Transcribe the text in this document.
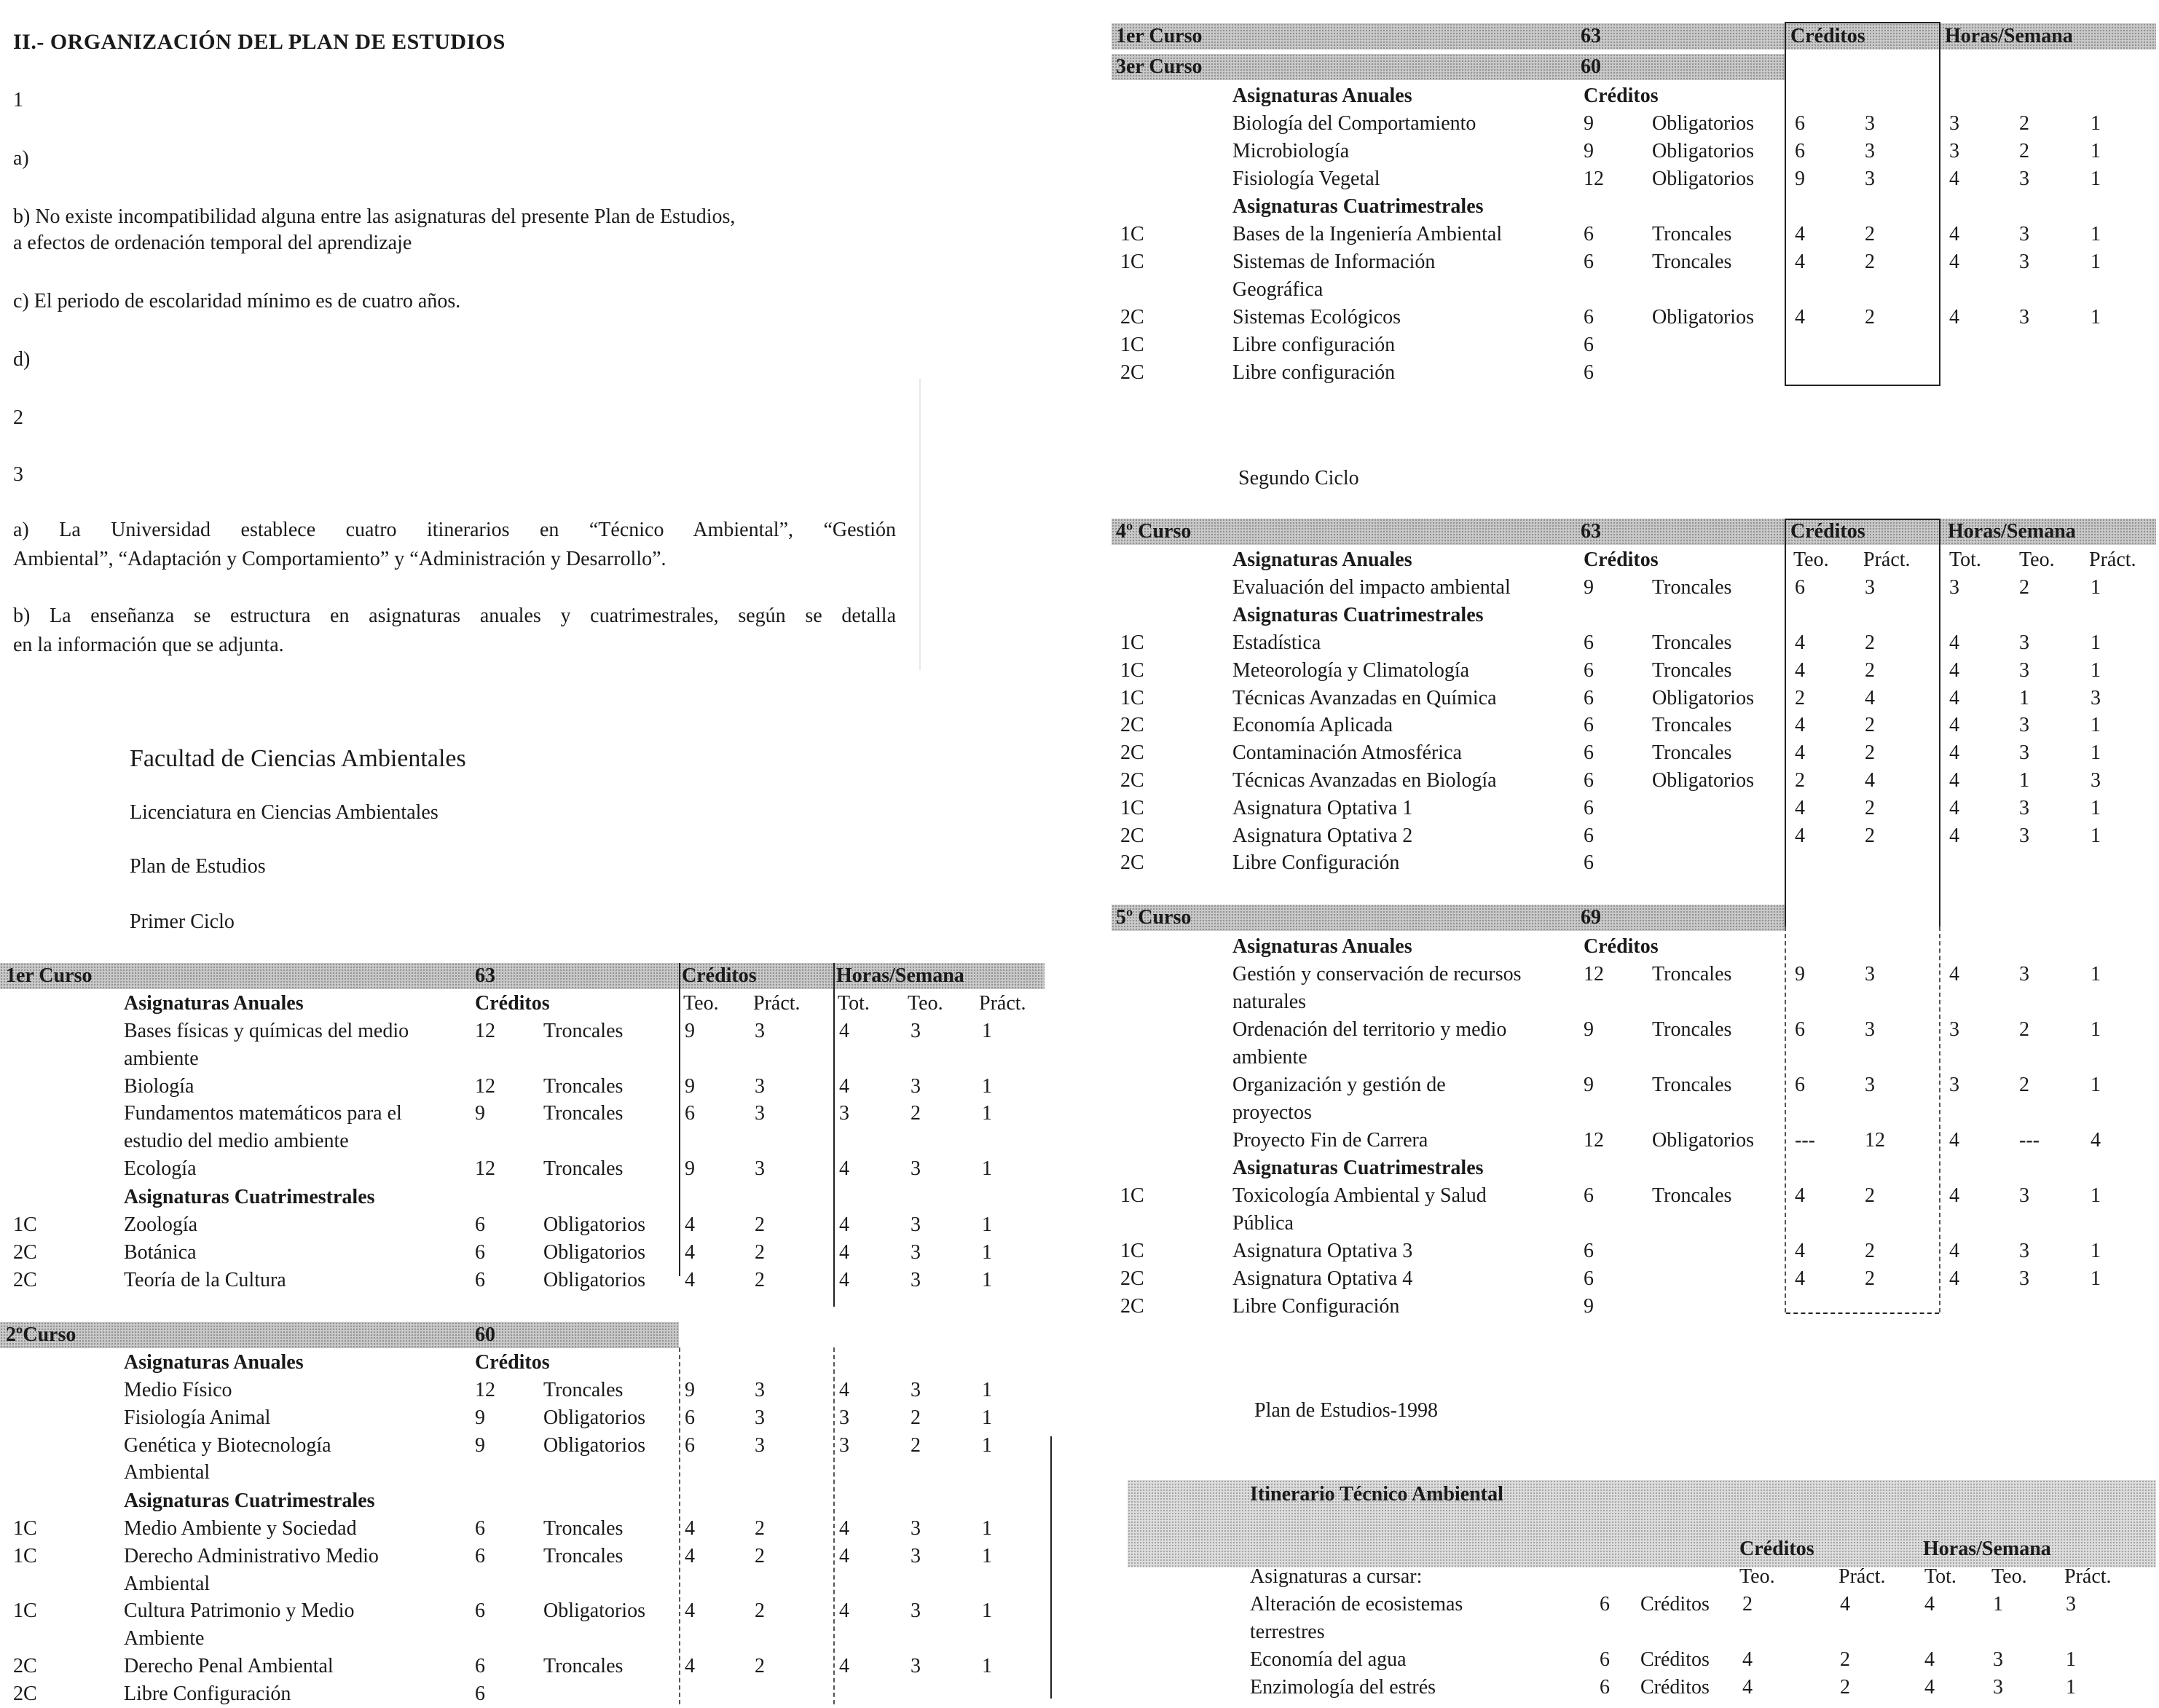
II.- ORGANIZACIÓN DEL PLAN DE ESTUDIOS
1
a)
b) No existe incompatibilidad alguna entre las asignaturas del presente Plan de Estudios,
a efectos de ordenación temporal del aprendizaje
c) El periodo de escolaridad mínimo es de cuatro años.
d)
2
3
a) La Universidad establece cuatro itinerarios en “Técnico Ambiental”, “Gestión
Ambiental”, “Adaptación y Comportamiento” y “Administración y Desarrollo”.
b) La enseñanza se estructura en asignaturas anuales y cuatrimestrales, según se detalla
en la información que se adjunta.
Facultad de Ciencias Ambientales
Licenciatura en Ciencias Ambientales
Plan de Estudios
Primer Ciclo
1er Curso	63	Créditos	Horas/Semana
Asignaturas Anuales	Créditos	Teo. Práct. Tot. Teo. Práct.
Bases físicas y químicas del medio	12 Troncales	9	3	4	3	1
ambiente
Biología	12 Troncales	9	3	4	3	1
Fundamentos matemáticos para el	9	Troncales	6	3	3	2	1
estudio del medio ambiente
Ecología	12 Troncales	9	3	4	3	1
Asignaturas Cuatrimestrales
1C	Zoología	6	Obligatorios 4	2	4	3	1
2C	Botánica	6	Obligatorios 4	2	4	3	1
2C	Teoría de la Cultura	6	Obligatorios 4	2	4	3	1
2ºCurso	60
Asignaturas Anuales	Créditos
Medio Físico	12 Troncales	9	3	4	3	1
Fisiología Animal	9	Obligatorios 6	3	3	2	1
Genética y Biotecnología	9	Obligatorios 6	3	3	2	1
Ambiental
Asignaturas Cuatrimestrales
1C	Medio Ambiente y Sociedad	6	Troncales	4	2	4	3	1
1C	Derecho Administrativo Medio	6	Troncales	4	2	4	3	1
Ambiental
1C	Cultura Patrimonio y Medio	6	Obligatorios 4	2	4	3	1
Ambiente
2C	Derecho Penal Ambiental	6	Troncales	4	2	4	3	1
2C	Libre Configuración	6
1er Curso	63	Créditos	Horas/Semana
3er Curso	60
Asignaturas Anuales	Créditos
Biología del Comportamiento	9	Obligatorios 6	3	3	2	1
Microbiología	9	Obligatorios 6	3	3	2	1
Fisiología Vegetal	12 Obligatorios 9	3	4	3	1
Asignaturas Cuatrimestrales
1C	Bases de la Ingeniería Ambiental	6	Troncales	4	2	4	3	1
1C	Sistemas de Información	6	Troncales	4	2	4	3	1
Geográfica
2C	Sistemas Ecológicos	6	Obligatorios 4	2	4	3	1
1C	Libre configuración	6
2C	Libre configuración	6
Segundo Ciclo
4º Curso	63	Créditos	Horas/Semana
Asignaturas Anuales	Créditos	Teo. Práct. Tot. Teo. Práct.
Evaluación del impacto ambiental	9	Troncales	6	3	3	2	1
Asignaturas Cuatrimestrales
1C	Estadística	6	Troncales	4	2	4	3	1
1C	Meteorología y Climatología	6	Troncales	4	2	4	3	1
1C	Técnicas Avanzadas en Química	6	Obligatorios 2	4	4	1	3
2C	Economía Aplicada	6	Troncales	4	2	4	3	1
2C	Contaminación Atmosférica	6	Troncales	4	2	4	3	1
2C	Técnicas Avanzadas en Biología	6	Obligatorios 2	4	4	1	3
1C	Asignatura Optativa 1	6	4	2	4	3	1
2C	Asignatura Optativa 2	6	4	2	4	3	1
2C	Libre Configuración	6
5º Curso	69
Asignaturas Anuales	Créditos
Gestión y conservación de recursos	12 Troncales	9	3	4	3	1
naturales
Ordenación del territorio y medio	9	Troncales	6	3	3	2	1
ambiente
Organización y gestión de	9	Troncales	6	3	3	2	1
proyectos
Proyecto Fin de Carrera	12 Obligatorios --- 12	4	---	4
Asignaturas Cuatrimestrales
1C	Toxicología Ambiental y Salud	6	Troncales	4	2	4	3	1
Pública
1C	Asignatura Optativa 3	6	4	2	4	3	1
2C	Asignatura Optativa 4	6	4	2	4	3	1
2C	Libre Configuración	9
Plan de Estudios-1998
Itinerario Técnico Ambiental
Créditos	Horas/Semana
Asignaturas a cursar:	Teo.	Práct. Tot. Teo. Práct.
Alteración de ecosistemas	6 Créditos 2	4	4	1	3
terrestres
Economía del agua	6 Créditos 4	2	4	3	1
Enzimología del estrés	6 Créditos 4	2	4	3	1
